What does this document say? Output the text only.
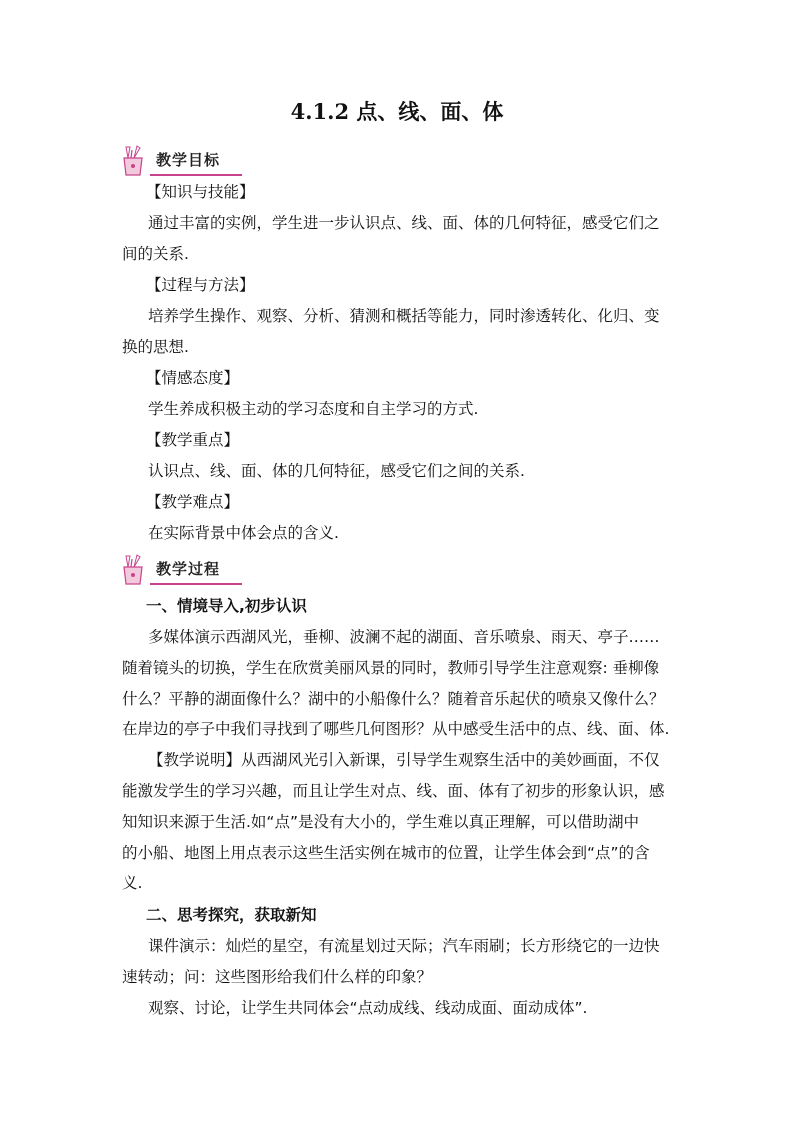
4.1.2 点、线、面、体
教学目标
【知识与技能】
通过丰富的实例，学生进一步认识点、线、面、体的几何特征，感受它们之
间的关系.
【过程与方法】
培养学生操作、观察、分析、猜测和概括等能力，同时渗透转化、化归、变
换的思想.
【情感态度】
学生养成积极主动的学习态度和自主学习的方式.
【教学重点】
认识点、线、面、体的几何特征，感受它们之间的关系.
【教学难点】
在实际背景中体会点的含义.
教学过程
一、情境导入,初步认识
多媒体演示西湖风光，垂柳、波澜不起的湖面、音乐喷泉、雨天、亭子……
随着镜头的切换，学生在欣赏美丽风景的同时，教师引导学生注意观察: 垂柳像
什么？平静的湖面像什么？湖中的小船像什么？随着音乐起伏的喷泉又像什么？
在岸边的亭子中我们寻找到了哪些几何图形？从中感受生活中的点、线、面、体.
【教学说明】从西湖风光引入新课，引导学生观察生活中的美妙画面，不仅
能激发学生的学习兴趣，而且让学生对点、线、面、体有了初步的形象认识，感
知知识来源于生活.如“点”是没有大小的，学生难以真正理解，可以借助湖中
的小船、地图上用点表示这些生活实例在城市的位置，让学生体会到“点”的含
义.
二、思考探究，获取新知
课件演示：灿烂的星空，有流星划过天际；汽车雨刷；长方形绕它的一边快
速转动；问：这些图形给我们什么样的印象？
观察、讨论，让学生共同体会“点动成线、线动成面、面动成体”.
